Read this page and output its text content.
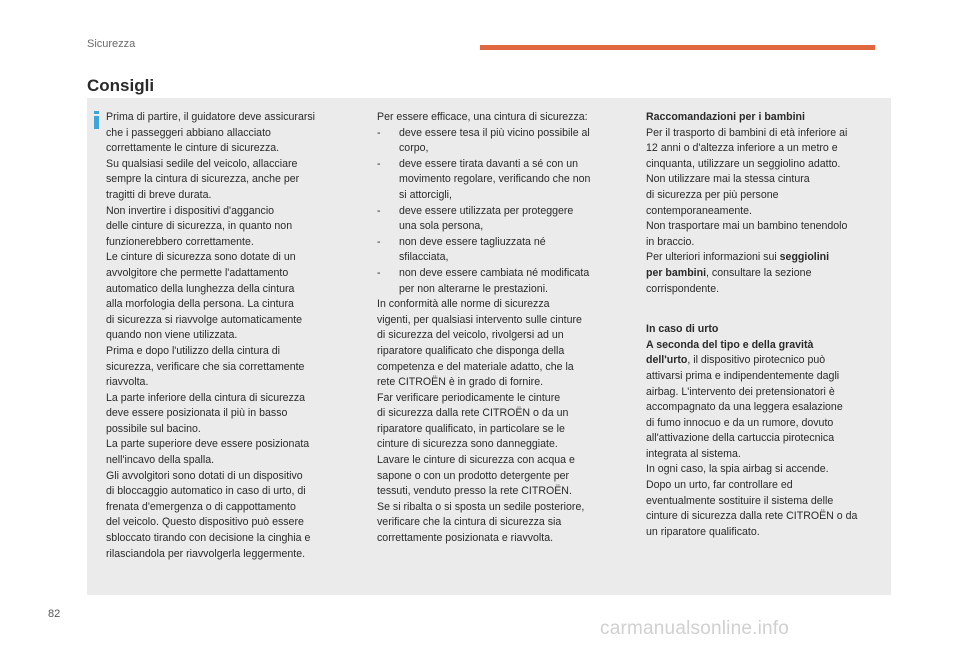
Sicurezza
Consigli

Prima di partire, il guidatore deve assicurarsi

che i passeggeri abbiano allacciato

correttamente le cinture di sicurezza.

Su qualsiasi sedile del veicolo, allacciare

sempre la cintura di sicurezza, anche per

tragitti di breve durata.

Non invertire i dispositivi d'aggancio

delle cinture di sicurezza, in quanto non

funzionerebbero correttamente.

Le cinture di sicurezza sono dotate di un

avvolgitore che permette l'adattamento

automatico della lunghezza della cintura

alla morfologia della persona. La cintura

di sicurezza si riavvolge automaticamente

quando non viene utilizzata.

Prima e dopo l'utilizzo della cintura di

sicurezza, verificare che sia correttamente

riavvolta.

La parte inferiore della cintura di sicurezza

deve essere posizionata il più in basso

possibile sul bacino.

La parte superiore deve essere posizionata

nell'incavo della spalla.

Gli avvolgitori sono dotati di un dispositivo

di bloccaggio automatico in caso di urto, di

frenata d'emergenza o di cappottamento

del veicolo. Questo dispositivo può essere

sbloccato tirando con decisione la cinghia e

rilasciandola per riavvolgerla leggermente.

Per essere efficace, una cintura di sicurezza:

- deve essere tesa il più vicino possibile al

corpo,

- deve essere tirata davanti a sé con un

movimento regolare, verificando che non

si attorcigli,

- deve essere utilizzata per proteggere

una sola persona,

- non deve essere tagliuzzata né

sfilacciata,

- non deve essere cambiata né modificata

per non alterarne le prestazioni.

In conformità alle norme di sicurezza

vigenti, per qualsiasi intervento sulle cinture

di sicurezza del veicolo, rivolgersi ad un

riparatore qualificato che disponga della

competenza e del materiale adatto, che la

rete CITROËN è in grado di fornire.

Far verificare periodicamente le cinture

di sicurezza dalla rete CITROËN o da un

riparatore qualificato, in particolare se le

cinture di sicurezza sono danneggiate.

Lavare le cinture di sicurezza con acqua e

sapone o con un prodotto detergente per

tessuti, venduto presso la rete CITROËN.

Se si ribalta o si sposta un sedile posteriore,

verificare che la cintura di sicurezza sia

correttamente posizionata e riavvolta.

Raccomandazioni per i bambini

Per il trasporto di bambini di età inferiore ai

12 anni o d'altezza inferiore a un metro e

cinquanta, utilizzare un seggiolino adatto.

Non utilizzare mai la stessa cintura

di sicurezza per più persone

contemporaneamente.

Non trasportare mai un bambino tenendolo

in braccio.

Per ulteriori informazioni sui seggiolini

per bambini, consultare la sezione

corrispondente.

In caso di urto

A seconda del tipo e della gravità

dell'urto, il dispositivo pirotecnico può

attivarsi prima e indipendentemente dagli

airbag. L'intervento dei pretensionatori è

accompagnato da una leggera esalazione

di fumo innocuo e da un rumore, dovuto

all'attivazione della cartuccia pirotecnica

integrata al sistema.

In ogni caso, la spia airbag si accende.

Dopo un urto, far controllare ed

eventualmente sostituire il sistema delle

cinture di sicurezza dalla rete CITROËN o da

un riparatore qualificato.

82
carmanualsonline.info
